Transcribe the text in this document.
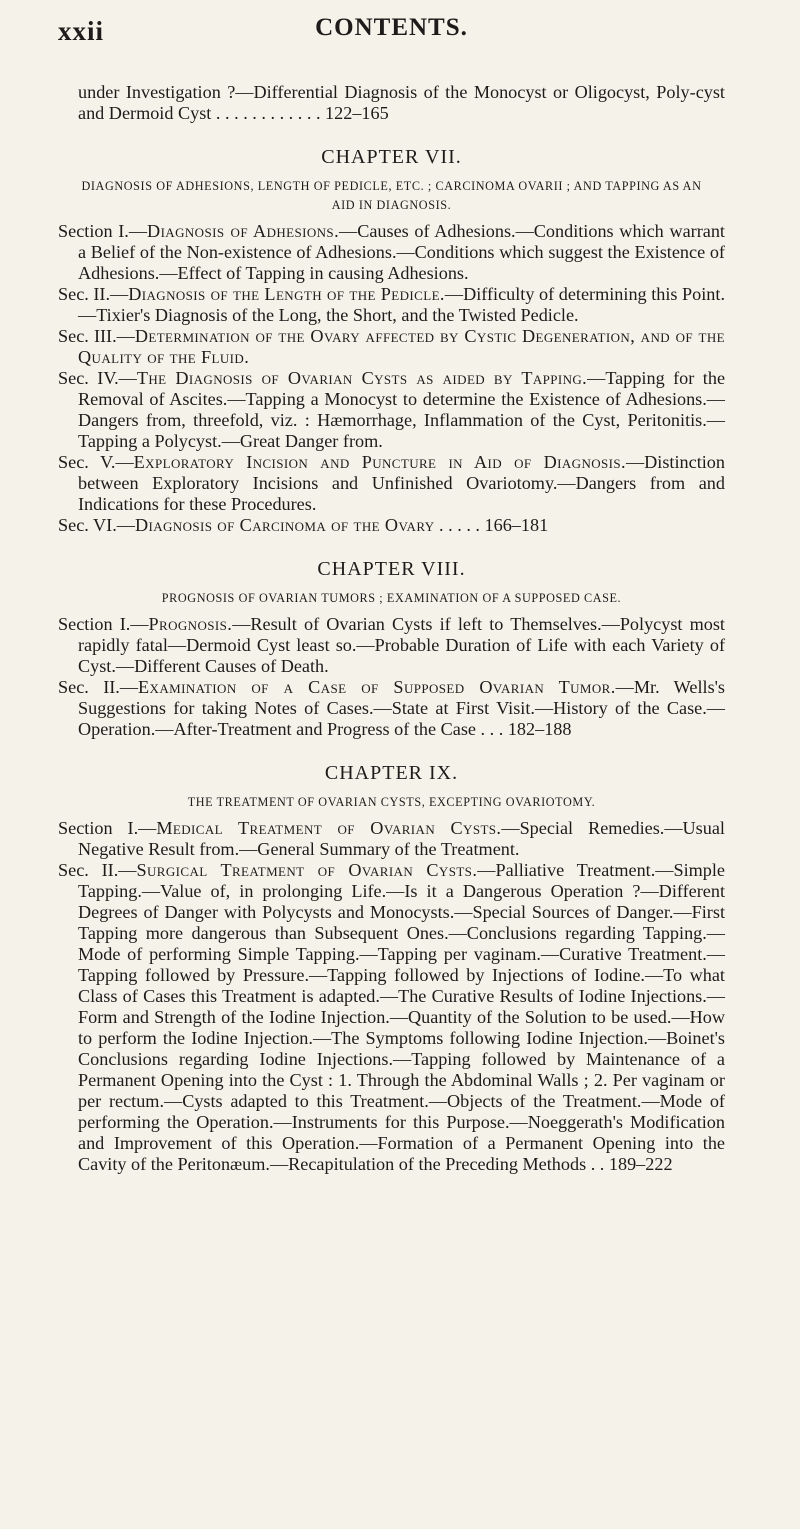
xxii	CONTENTS.

under Investigation ?—Differential Diagnosis of the Monocyst or Oligocyst, Poly-cyst and Dermoid Cyst . . . . . . . . . . . . 122–165

CHAPTER VII.
DIAGNOSIS OF ADHESIONS, LENGTH OF PEDICLE, ETC. ; CARCINOMA OVARII ; AND TAPPING AS AN AID IN DIAGNOSIS.

Section I.—Diagnosis of Adhesions.—Causes of Adhesions.—Conditions which warrant a Belief of the Non-existence of Adhesions.—Conditions which suggest the Existence of Adhesions.—Effect of Tapping in causing Adhesions.

Sec. II.—Diagnosis of the Length of the Pedicle.—Difficulty of determining this Point.—Tixier's Diagnosis of the Long, the Short, and the Twisted Pedicle.

Sec. III.—Determination of the Ovary affected by Cystic Degeneration, and of the Quality of the Fluid.

Sec. IV.—The Diagnosis of Ovarian Cysts as aided by Tapping.—Tapping for the Removal of Ascites.—Tapping a Monocyst to determine the Existence of Adhesions.—Dangers from, threefold, viz. : Hæmorrhage, Inflammation of the Cyst, Peritonitis.—Tapping a Polycyst.—Great Danger from.

Sec. V.—Exploratory Incision and Puncture in Aid of Diagnosis.—Distinction between Exploratory Incisions and Unfinished Ovariotomy.—Dangers from and Indications for these Procedures.

Sec. VI.—Diagnosis of Carcinoma of the Ovary . . . . . 166–181

CHAPTER VIII.
PROGNOSIS OF OVARIAN TUMORS ; EXAMINATION OF A SUPPOSED CASE.

Section I.—Prognosis.—Result of Ovarian Cysts if left to Themselves.—Polycyst most rapidly fatal—Dermoid Cyst least so.—Probable Duration of Life with each Variety of Cyst.—Different Causes of Death.

Sec. II.—Examination of a Case of Supposed Ovarian Tumor.—Mr. Wells's Suggestions for taking Notes of Cases.—State at First Visit.—History of the Case.—Operation.—After-Treatment and Progress of the Case . . . 182–188

CHAPTER IX.
THE TREATMENT OF OVARIAN CYSTS, EXCEPTING OVARIOTOMY.

Section I.—Medical Treatment of Ovarian Cysts.—Special Remedies.—Usual Negative Result from.—General Summary of the Treatment.

Sec. II.—Surgical Treatment of Ovarian Cysts.—Palliative Treatment.—Simple Tapping.—Value of, in prolonging Life.—Is it a Dangerous Operation ?—Different Degrees of Danger with Polycysts and Monocysts.—Special Sources of Danger.—First Tapping more dangerous than Subsequent Ones.—Conclusions regarding Tapping.—Mode of performing Simple Tapping.—Tapping per vaginam.—Curative Treatment.—Tapping followed by Pressure.—Tapping followed by Injections of Iodine.—To what Class of Cases this Treatment is adapted.—The Curative Results of Iodine Injections.—Form and Strength of the Iodine Injection.—Quantity of the Solution to be used.—How to perform the Iodine Injection.—The Symptoms following Iodine Injection.—Boinet's Conclusions regarding Iodine Injections.—Tapping followed by Maintenance of a Permanent Opening into the Cyst : 1. Through the Abdominal Walls ; 2. Per vaginam or per rectum.—Cysts adapted to this Treatment.—Objects of the Treatment.—Mode of performing the Operation.—Instruments for this Purpose.—Noeggerath's Modification and Improvement of this Operation.—Formation of a Permanent Opening into the Cavity of the Peritonæum.—Recapitulation of the Preceding Methods . . 189–222
